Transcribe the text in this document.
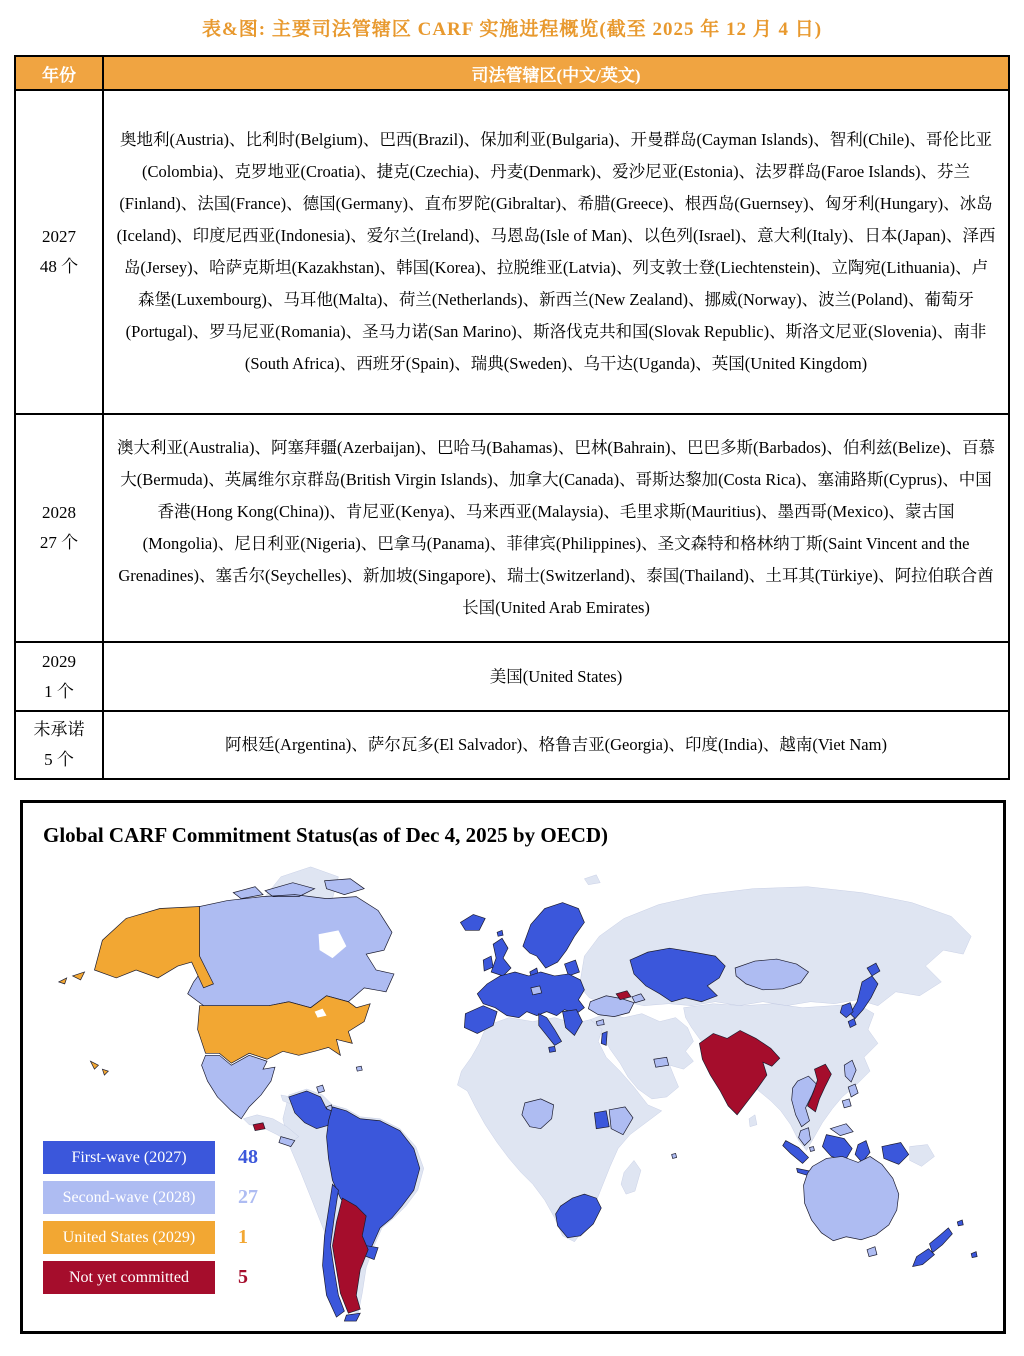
表&图: 主要司法管辖区 CARF 实施进程概览(截至 2025 年 12 月 4 日)
年份	司法管辖区(中文/英文)

2027
48 个	奥地利(Austria)、比利时(Belgium)、巴西(Brazil)、保加利亚(Bulgaria)、开曼群岛(Cayman Islands)、智利(Chile)、哥伦比亚(Colombia)、克罗地亚(Croatia)、捷克(Czechia)、丹麦(Denmark)、爱沙尼亚(Estonia)、法罗群岛(Faroe Islands)、芬兰(Finland)、法国(France)、德国(Germany)、直布罗陀(Gibraltar)、希腊(Greece)、根西岛(Guernsey)、匈牙利(Hungary)、冰岛(Iceland)、印度尼西亚(Indonesia)、爱尔兰(Ireland)、马恩岛(Isle of Man)、以色列(Israel)、意大利(Italy)、日本(Japan)、泽西岛(Jersey)、哈萨克斯坦(Kazakhstan)、韩国(Korea)、拉脱维亚(Latvia)、列支敦士登(Liechtenstein)、立陶宛(Lithuania)、卢森堡(Luxembourg)、马耳他(Malta)、荷兰(Netherlands)、新西兰(New Zealand)、挪威(Norway)、波兰(Poland)、葡萄牙(Portugal)、罗马尼亚(Romania)、圣马力诺(San Marino)、斯洛伐克共和国(Slovak Republic)、斯洛文尼亚(Slovenia)、南非(South Africa)、西班牙(Spain)、瑞典(Sweden)、乌干达(Uganda)、英国(United Kingdom)

2028
27 个	澳大利亚(Australia)、阿塞拜疆(Azerbaijan)、巴哈马(Bahamas)、巴林(Bahrain)、巴巴多斯(Barbados)、伯利兹(Belize)、百慕大(Bermuda)、英属维尔京群岛(British Virgin Islands)、加拿大(Canada)、哥斯达黎加(Costa Rica)、塞浦路斯(Cyprus)、中国香港(Hong Kong(China))、肯尼亚(Kenya)、马来西亚(Malaysia)、毛里求斯(Mauritius)、墨西哥(Mexico)、蒙古国(Mongolia)、尼日利亚(Nigeria)、巴拿马(Panama)、菲律宾(Philippines)、圣文森特和格林纳丁斯(Saint Vincent and the Grenadines)、塞舌尔(Seychelles)、新加坡(Singapore)、瑞士(Switzerland)、泰国(Thailand)、土耳其(Türkiye)、阿拉伯联合酋长国(United Arab Emirates)

2029
1 个	美国(United States)

未承诺
5 个	阿根廷(Argentina)、萨尔瓦多(El Salvador)、格鲁吉亚(Georgia)、印度(India)、越南(Viet Nam)
Global CARF Commitment Status(as of Dec 4, 2025 by OECD)
First-wave (2027)	48
Second-wave (2028)	27
United States (2029)	1
Not yet committed	5
